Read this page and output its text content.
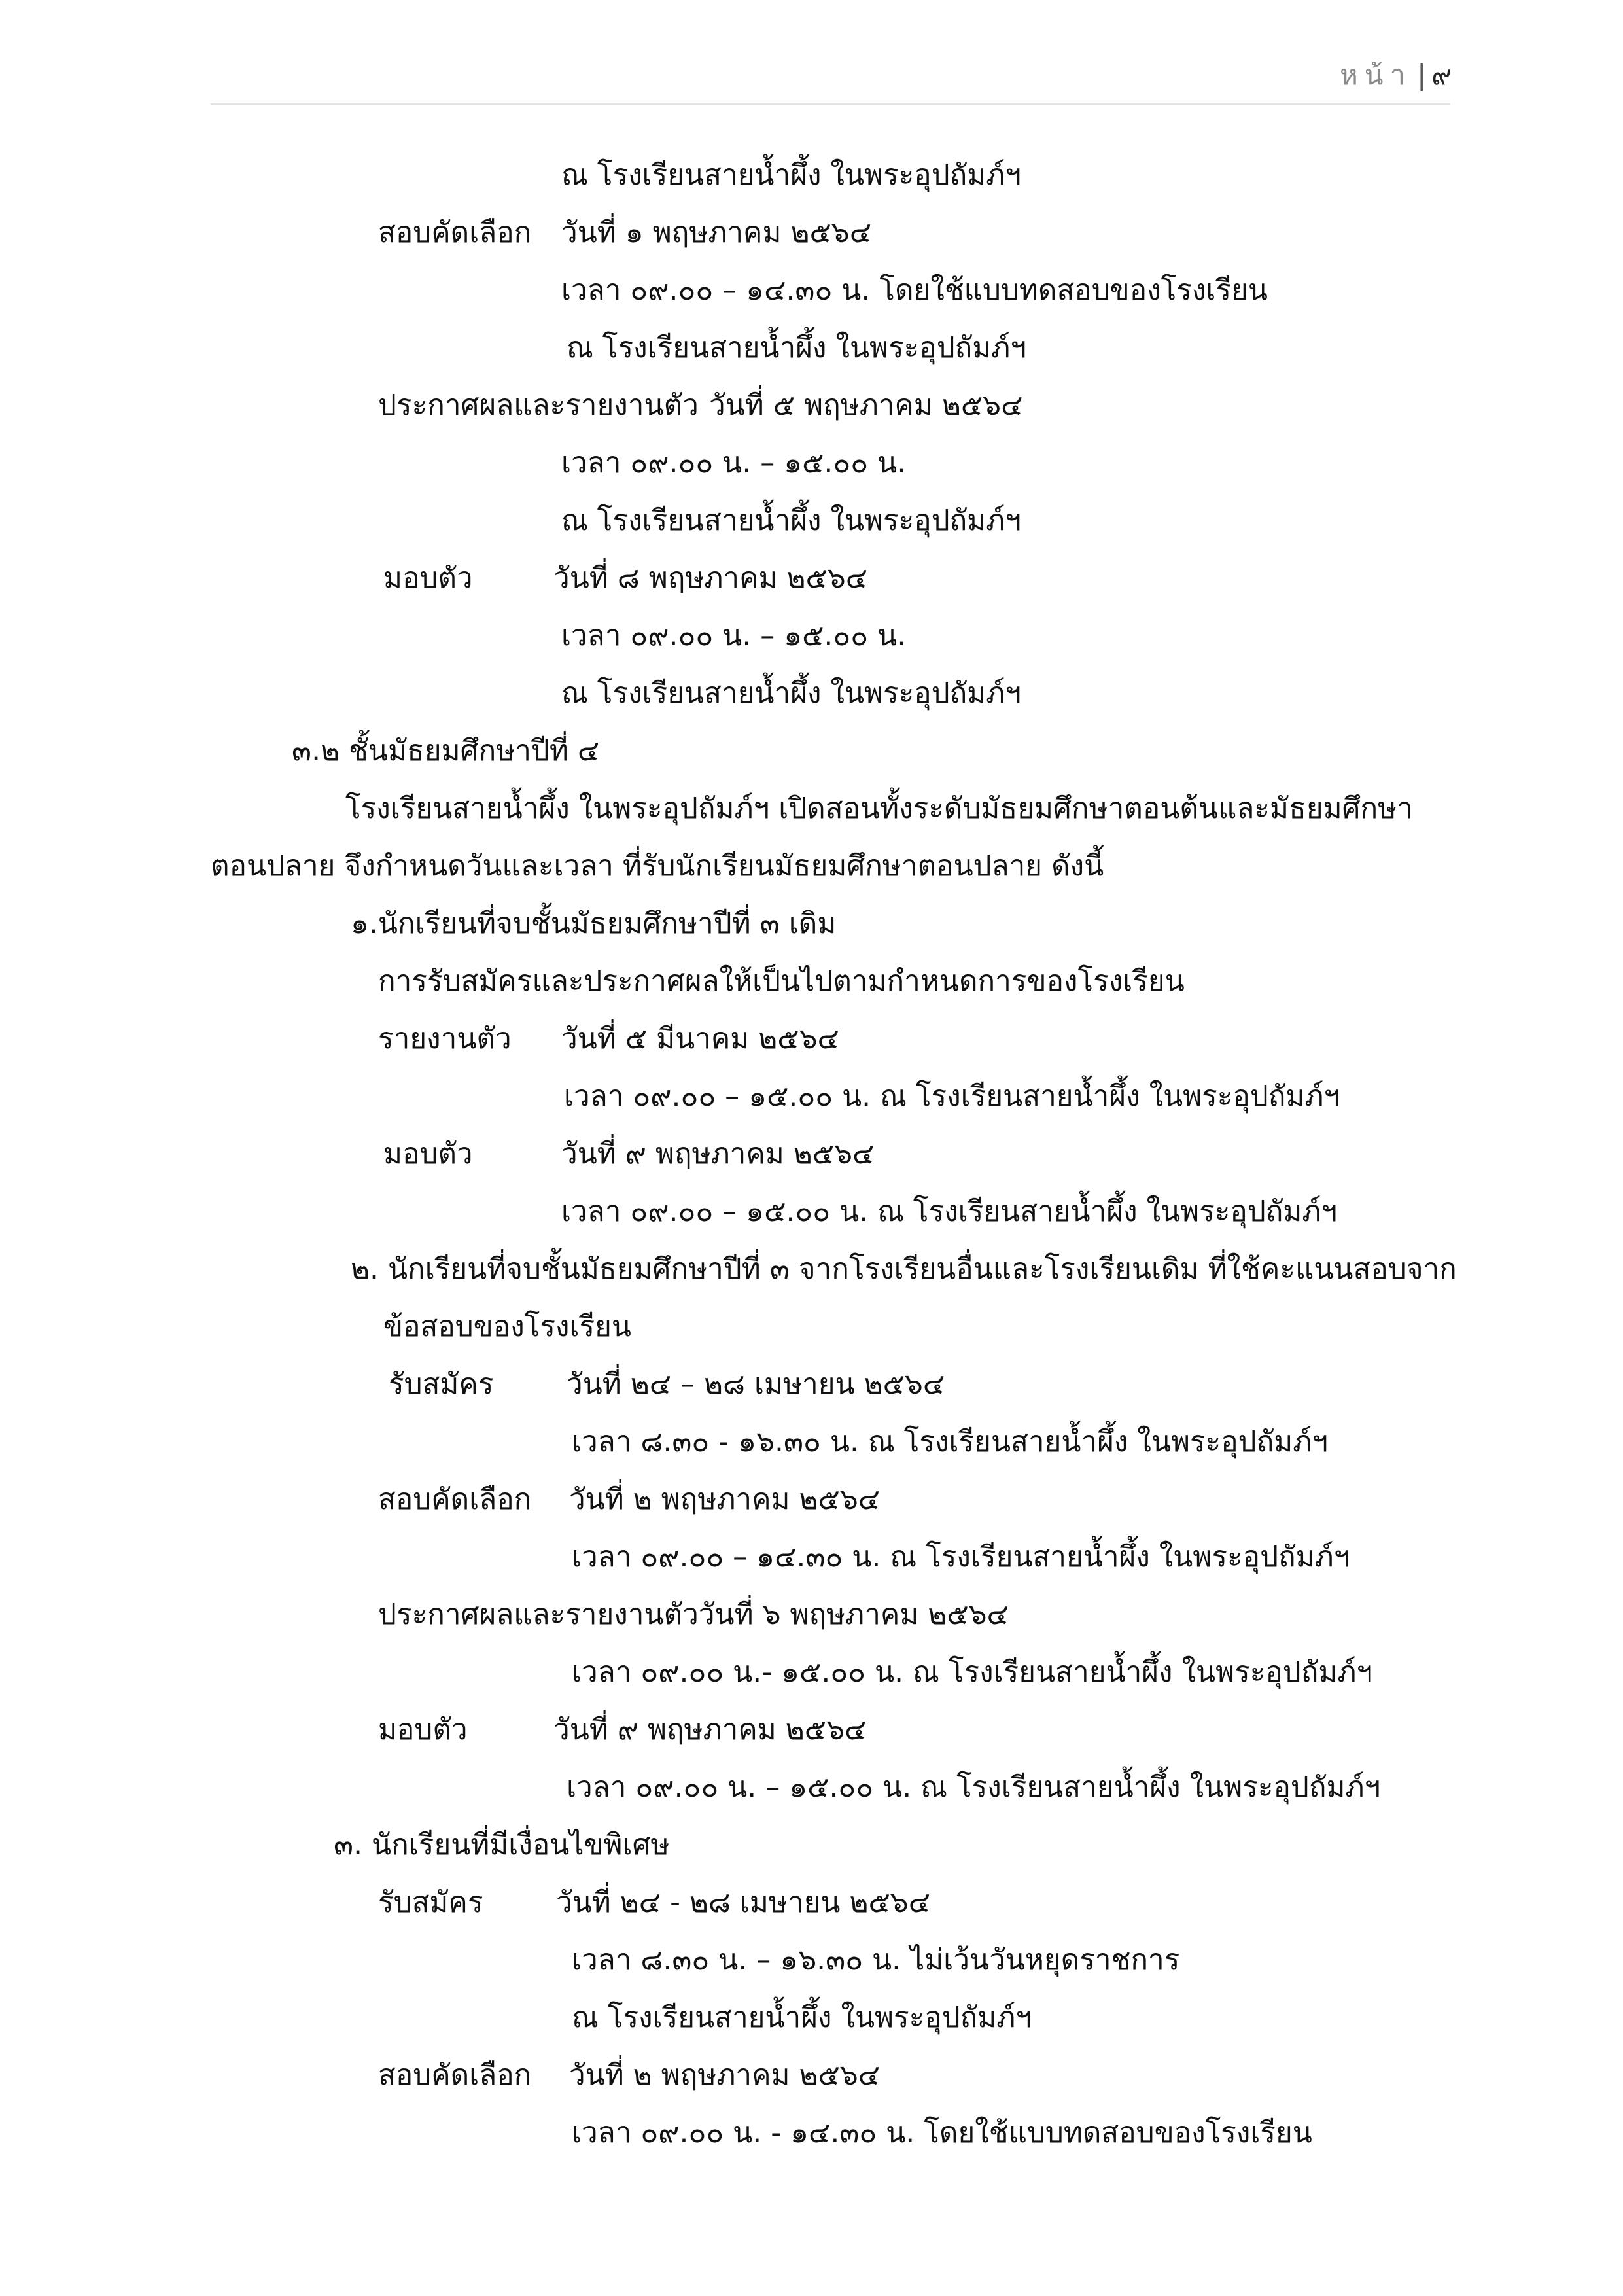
หน้า | ๙
ณ โรงเรียนสายน้ำผึ้ง ในพระอุปถัมภ์ฯ
สอบคัดเลือก วันที่ ๑ พฤษภาคม ๒๕๖๔
เวลา ๐๙.๐๐ – ๑๔.๓๐ น. โดยใช้แบบทดสอบของโรงเรียน
ณ โรงเรียนสายน้ำผึ้ง ในพระอุปถัมภ์ฯ
ประกาศผลและรายงานตัว วันที่ ๕ พฤษภาคม ๒๕๖๔
เวลา ๐๙.๐๐ น. – ๑๕.๐๐ น.
ณ โรงเรียนสายน้ำผึ้ง ในพระอุปถัมภ์ฯ
มอบตัว	วันที่ ๘ พฤษภาคม ๒๕๖๔
เวลา ๐๙.๐๐ น. – ๑๕.๐๐ น.
ณ โรงเรียนสายน้ำผึ้ง ในพระอุปถัมภ์ฯ
๓.๒ ชั้นมัธยมศึกษาปีที่ ๔
โรงเรียนสายน้ำผึ้ง ในพระอุปถัมภ์ฯ เปิดสอนทั้งระดับมัธยมศึกษาตอนต้นและมัธยมศึกษา
ตอนปลาย จึงกำหนดวันและเวลา ที่รับนักเรียนมัธยมศึกษาตอนปลาย ดังนี้
๑.นักเรียนที่จบชั้นมัธยมศึกษาปีที่ ๓ เดิม
การรับสมัครและประกาศผลให้เป็นไปตามกำหนดการของโรงเรียน
รายงานตัว วันที่ ๕ มีนาคม ๒๕๖๔
เวลา ๐๙.๐๐ – ๑๕.๐๐ น. ณ โรงเรียนสายน้ำผึ้ง ในพระอุปถัมภ์ฯ
มอบตัว	วันที่ ๙ พฤษภาคม ๒๕๖๔
เวลา ๐๙.๐๐ – ๑๕.๐๐ น. ณ โรงเรียนสายน้ำผึ้ง ในพระอุปถัมภ์ฯ
๒. นักเรียนที่จบชั้นมัธยมศึกษาปีที่ ๓ จากโรงเรียนอื่นและโรงเรียนเดิม ที่ใช้คะแนนสอบจาก
ข้อสอบของโรงเรียน
รับสมัคร	วันที่ ๒๔ – ๒๘ เมษายน ๒๕๖๔
เวลา ๘.๓๐ - ๑๖.๓๐ น. ณ โรงเรียนสายน้ำผึ้ง ในพระอุปถัมภ์ฯ
สอบคัดเลือก วันที่ ๒ พฤษภาคม ๒๕๖๔
เวลา ๐๙.๐๐ – ๑๔.๓๐ น. ณ โรงเรียนสายน้ำผึ้ง ในพระอุปถัมภ์ฯ
ประกาศผลและรายงานตัววันที่ ๖ พฤษภาคม ๒๕๖๔
เวลา ๐๙.๐๐ น.- ๑๕.๐๐ น. ณ โรงเรียนสายน้ำผึ้ง ในพระอุปถัมภ์ฯ
มอบตัว	วันที่ ๙ พฤษภาคม ๒๕๖๔
เวลา ๐๙.๐๐ น. – ๑๕.๐๐ น. ณ โรงเรียนสายน้ำผึ้ง ในพระอุปถัมภ์ฯ
๓. นักเรียนที่มีเงื่อนไขพิเศษ
รับสมัคร	วันที่ ๒๔ - ๒๘ เมษายน ๒๕๖๔
เวลา ๘.๓๐ น. – ๑๖.๓๐ น. ไม่เว้นวันหยุดราชการ
ณ โรงเรียนสายน้ำผึ้ง ในพระอุปถัมภ์ฯ
สอบคัดเลือก วันที่ ๒ พฤษภาคม ๒๕๖๔
เวลา ๐๙.๐๐ น. - ๑๔.๓๐ น. โดยใช้แบบทดสอบของโรงเรียน
